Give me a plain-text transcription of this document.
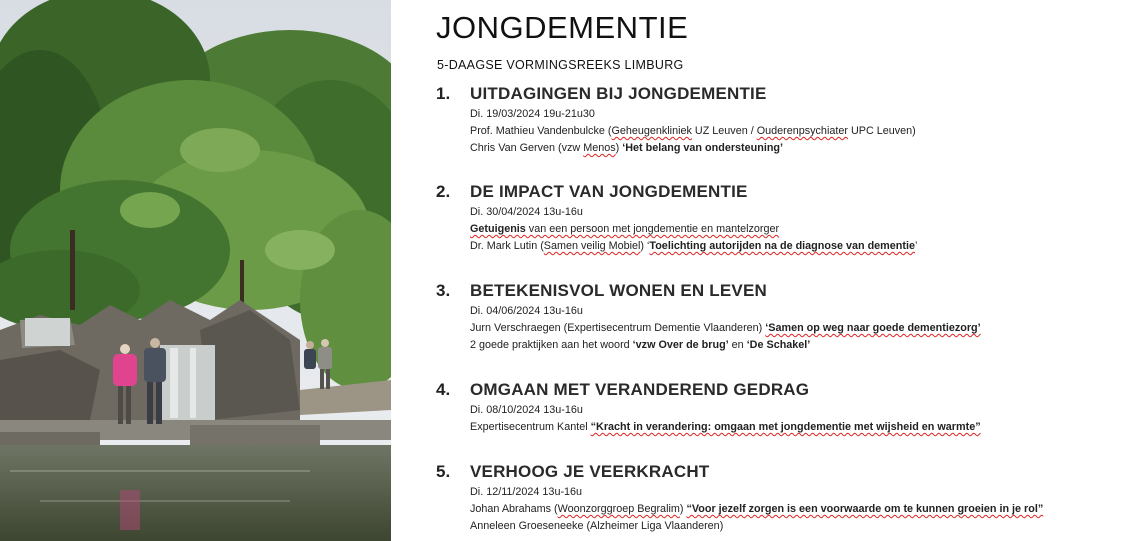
JONGDEMENTIE
5-DAAGSE VORMINGSREEKS LIMBURG
1.	UITDAGINGEN BIJ JONGDEMENTIE
Di. 19/03/2024 19u-21u30
Prof. Mathieu Vandenbulcke (Geheugenkliniek UZ Leuven / Ouderenpsychiater UPC Leuven)
Chris Van Gerven (vzw Menos) ‘Het belang van ondersteuning’
2.	DE IMPACT VAN JONGDEMENTIE
Di. 30/04/2024 13u-16u
Getuigenis van een persoon met jongdementie en mantelzorger
Dr. Mark Lutin (Samen veilig Mobiel) ‘Toelichting autorijden na de diagnose van dementie’
3.	BETEKENISVOL WONEN EN LEVEN
Di. 04/06/2024 13u-16u
Jurn Verschraegen (Expertisecentrum Dementie Vlaanderen) ‘Samen op weg naar goede dementiezorg’
2 goede praktijken aan het woord ‘vzw Over de brug’ en ‘De Schakel’
4.	OMGAAN MET VERANDEREND GEDRAG
Di. 08/10/2024 13u-16u
Expertisecentrum Kantel “Kracht in verandering: omgaan met jongdementie met wijsheid en warmte”
5.	VERHOOG JE VEERKRACHT
Di. 12/11/2024 13u-16u
Johan Abrahams (Woonzorggroep Begralim) “Voor jezelf zorgen is een voorwaarde om te kunnen groeien in je rol”
Anneleen Groeseneeke (Alzheimer Liga Vlaanderen)
